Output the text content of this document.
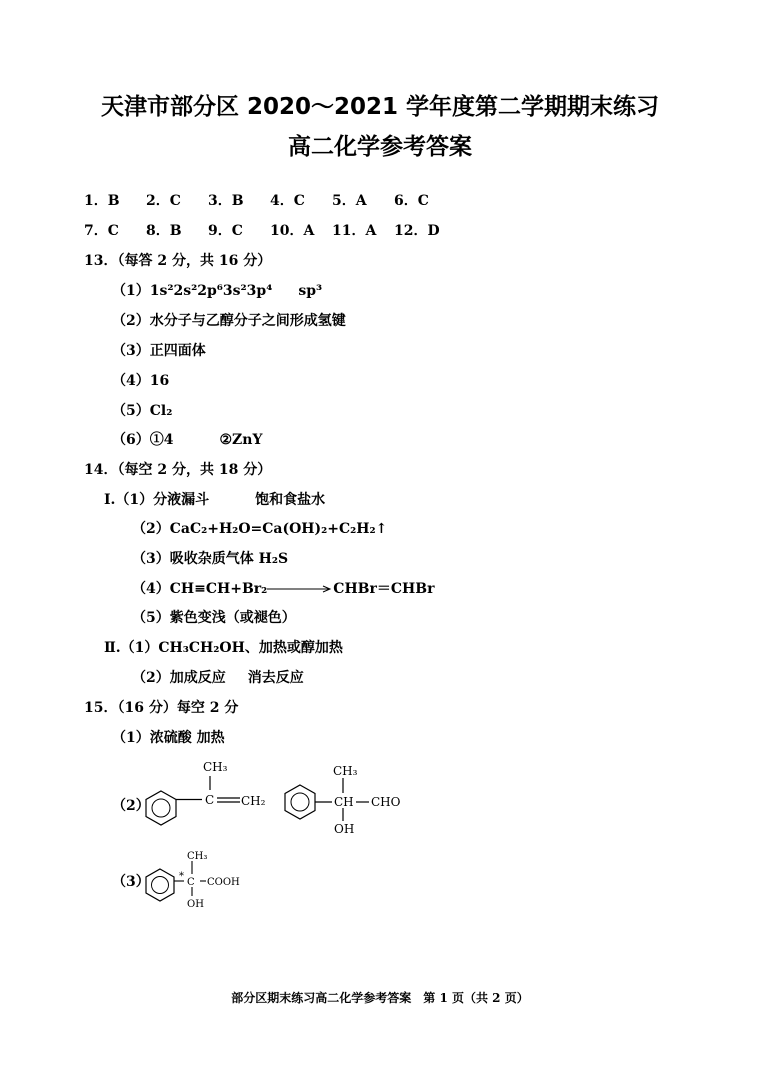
天津市部分区 2020～2021 学年度第二学期期末练习
高二化学参考答案
1．B 2．C 3．B 4．C 5．A 6．C
7．C 8．B 9．C 10．A 11．A 12．D
13．（每答 2 分，共 16 分）
（1）1s²2s²2p⁶3s²3p⁴ sp³
（2）水分子与乙醇分子之间形成氢键
（3）正四面体
（4）16
（5）Cl₂
（6）①4	②ZnY
14．（每空 2 分，共 18 分）
Ⅰ.（1）分液漏斗	饱和食盐水
（2）CaC₂+H₂O=Ca(OH)₂+C₂H₂↑
（3）吸收杂质气体 H₂S
（4）CH≡CH+Br₂	CHBr＝CHBr
（5）紫色变浅（或褪色）
Ⅱ.（1）CH₃CH₂OH、加热或醇加热
（2）加成反应 消去反应
15．（16 分）每空 2 分
（1）浓硫酸 加热
（2）
（3）
CH₃
C CH₂
CH₃
CH CHO
OH
CH₃
*
C COOH
OH
部分区期末练习高二化学参考答案　第 1 页（共 2 页）
